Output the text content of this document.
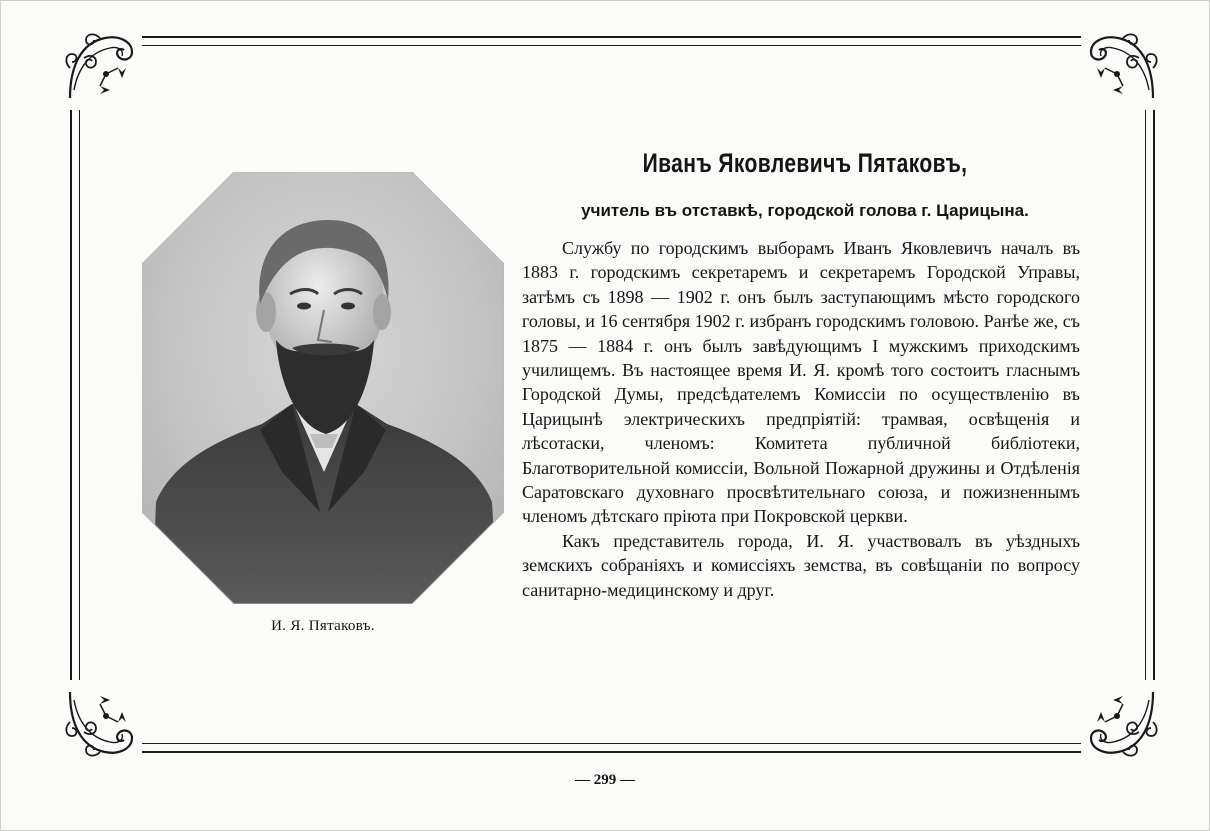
И. Я. Пятаковъ.
Иванъ Яковлевичъ Пятаковъ,
учитель въ отставкѣ, городской голова г. Царицына.

Службу по городскимъ выборамъ Иванъ Яковлевичъ началъ въ 1883 г. городскимъ секретаремъ и секретаремъ Городской Управы, затѣмъ съ 1898 — 1902 г. онъ былъ заступающимъ мѣсто городского головы, и 16 сентября 1902 г. избранъ городскимъ головою. Ранѣе же, съ 1875 — 1884 г. онъ былъ завѣдующимъ I мужскимъ приходскимъ училищемъ. Въ настоящее время И. Я. кромѣ того состоитъ гласнымъ Городской Думы, предсѣдателемъ Комиссіи по осуществленію въ Царицынѣ электрическихъ предпріятій: трамвая, освѣщенія и лѣсотаски, членомъ: Комитета публичной библіотеки, Благотворительной комиссіи, Вольной Пожарной дружины и Отдѣленія Саратовскаго духовнаго просвѣтительнаго союза, и пожизненнымъ членомъ дѣтскаго пріюта при Покровской церкви.

Какъ представитель города, И. Я. участвовалъ въ уѣздныхъ земскихъ собраніяхъ и комиссіяхъ земства, въ совѣщаніи по вопросу санитарно-медицинскому и друг.

— 299 —
